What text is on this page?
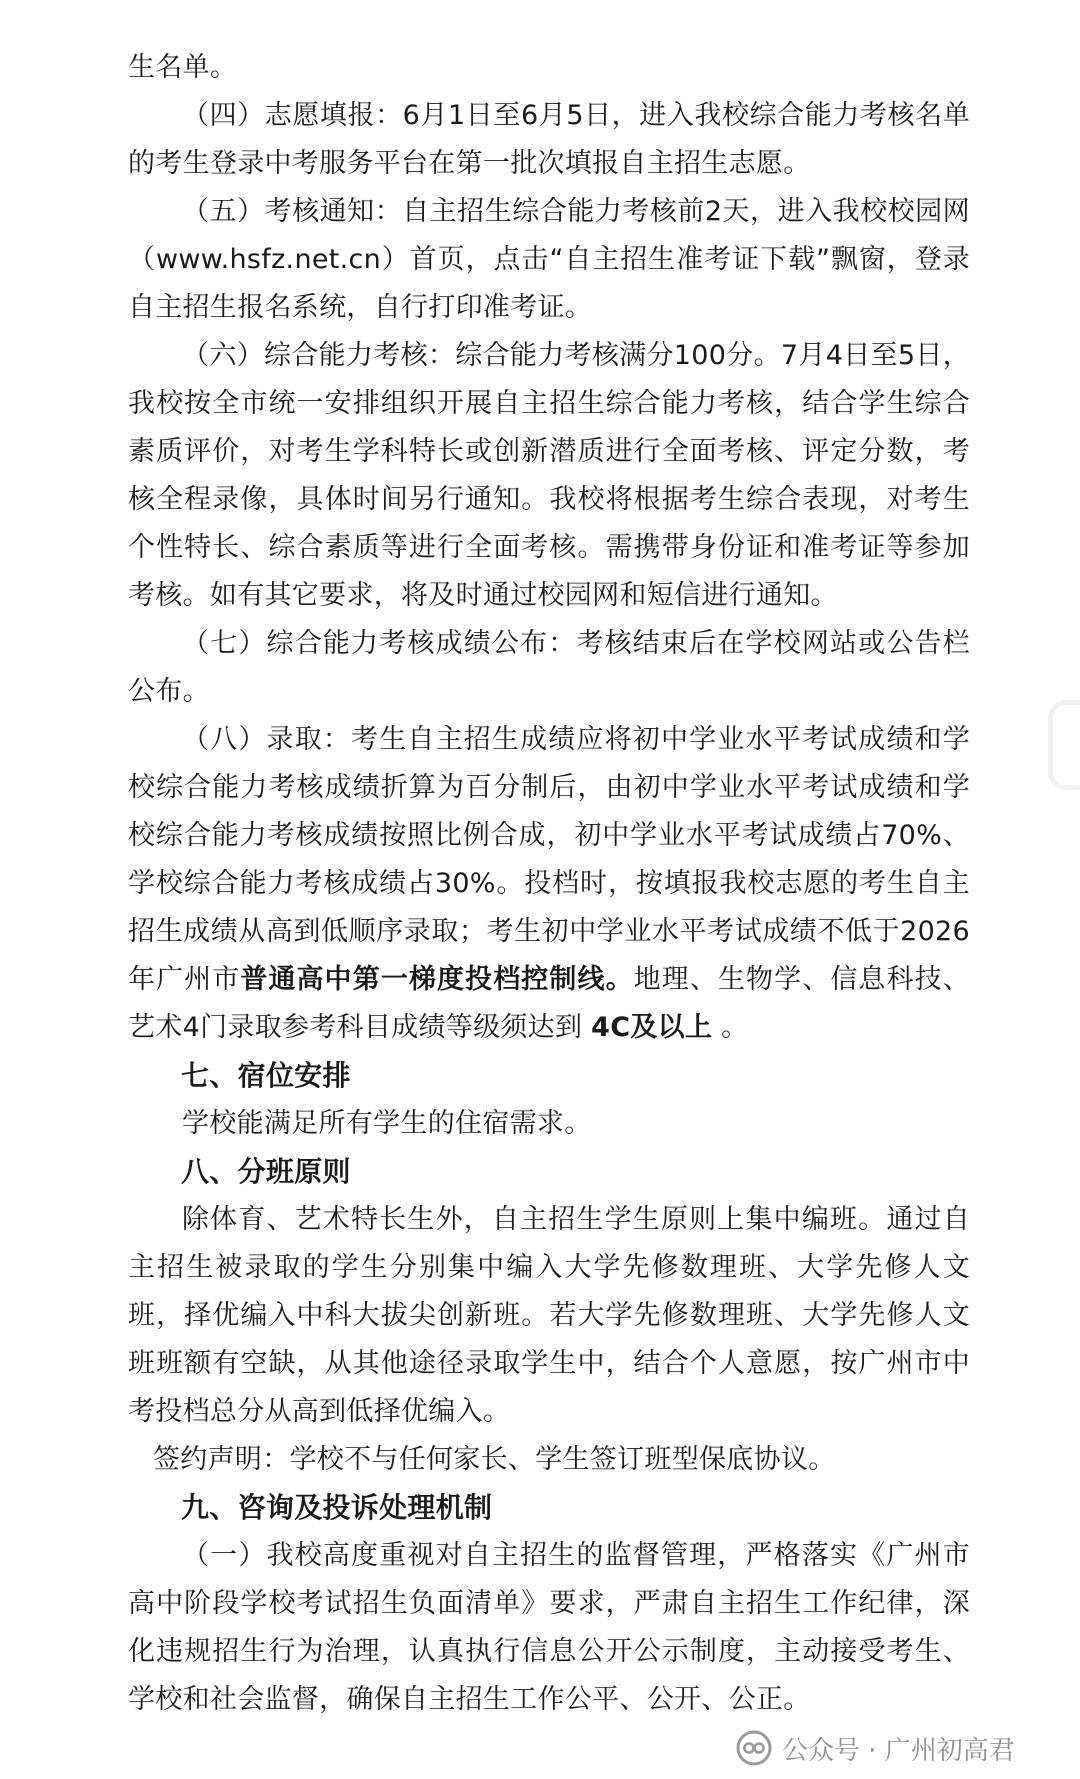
生名单。

（四）志愿填报：6月1日至6月5日，进入我校综合能力考核名单的考生登录中考服务平台在第一批次填报自主招生志愿。

（五）考核通知：自主招生综合能力考核前2天，进入我校校园网（www.hsfz.net.cn）首页，点击“自主招生准考证下载”飘窗，登录自主招生报名系统，自行打印准考证。

（六）综合能力考核：综合能力考核满分100分。7月4日至5日，我校按全市统一安排组织开展自主招生综合能力考核，结合学生综合素质评价，对考生学科特长或创新潜质进行全面考核、评定分数，考核全程录像，具体时间另行通知。我校将根据考生综合表现，对考生个性特长、综合素质等进行全面考核。需携带身份证和准考证等参加考核。如有其它要求，将及时通过校园网和短信进行通知。

（七）综合能力考核成绩公布：考核结束后在学校网站或公告栏公布。

（八）录取：考生自主招生成绩应将初中学业水平考试成绩和学校综合能力考核成绩折算为百分制后，由初中学业水平考试成绩和学校综合能力考核成绩按照比例合成，初中学业水平考试成绩占70%、学校综合能力考核成绩占30%。投档时，按填报我校志愿的考生自主招生成绩从高到低顺序录取；考生初中学业水平考试成绩不低于2026年广州市普通高中第一梯度投档控制线。地理、生物学、信息科技、艺术4门录取参考科目成绩等级须达到 4C及以上 。

七、宿位安排

学校能满足所有学生的住宿需求。

八、分班原则

除体育、艺术特长生外，自主招生学生原则上集中编班。通过自主招生被录取的学生分别集中编入大学先修数理班、大学先修人文班，择优编入中科大拔尖创新班。若大学先修数理班、大学先修人文班班额有空缺，从其他途径录取学生中，结合个人意愿，按广州市中考投档总分从高到低择优编入。

签约声明：学校不与任何家长、学生签订班型保底协议。

九、咨询及投诉处理机制

（一）我校高度重视对自主招生的监督管理，严格落实《广州市高中阶段学校考试招生负面清单》要求，严肃自主招生工作纪律，深化违规招生行为治理，认真执行信息公开公示制度，主动接受考生、学校和社会监督，确保自主招生工作公平、公开、公正。

公众号 · 广州初高君
